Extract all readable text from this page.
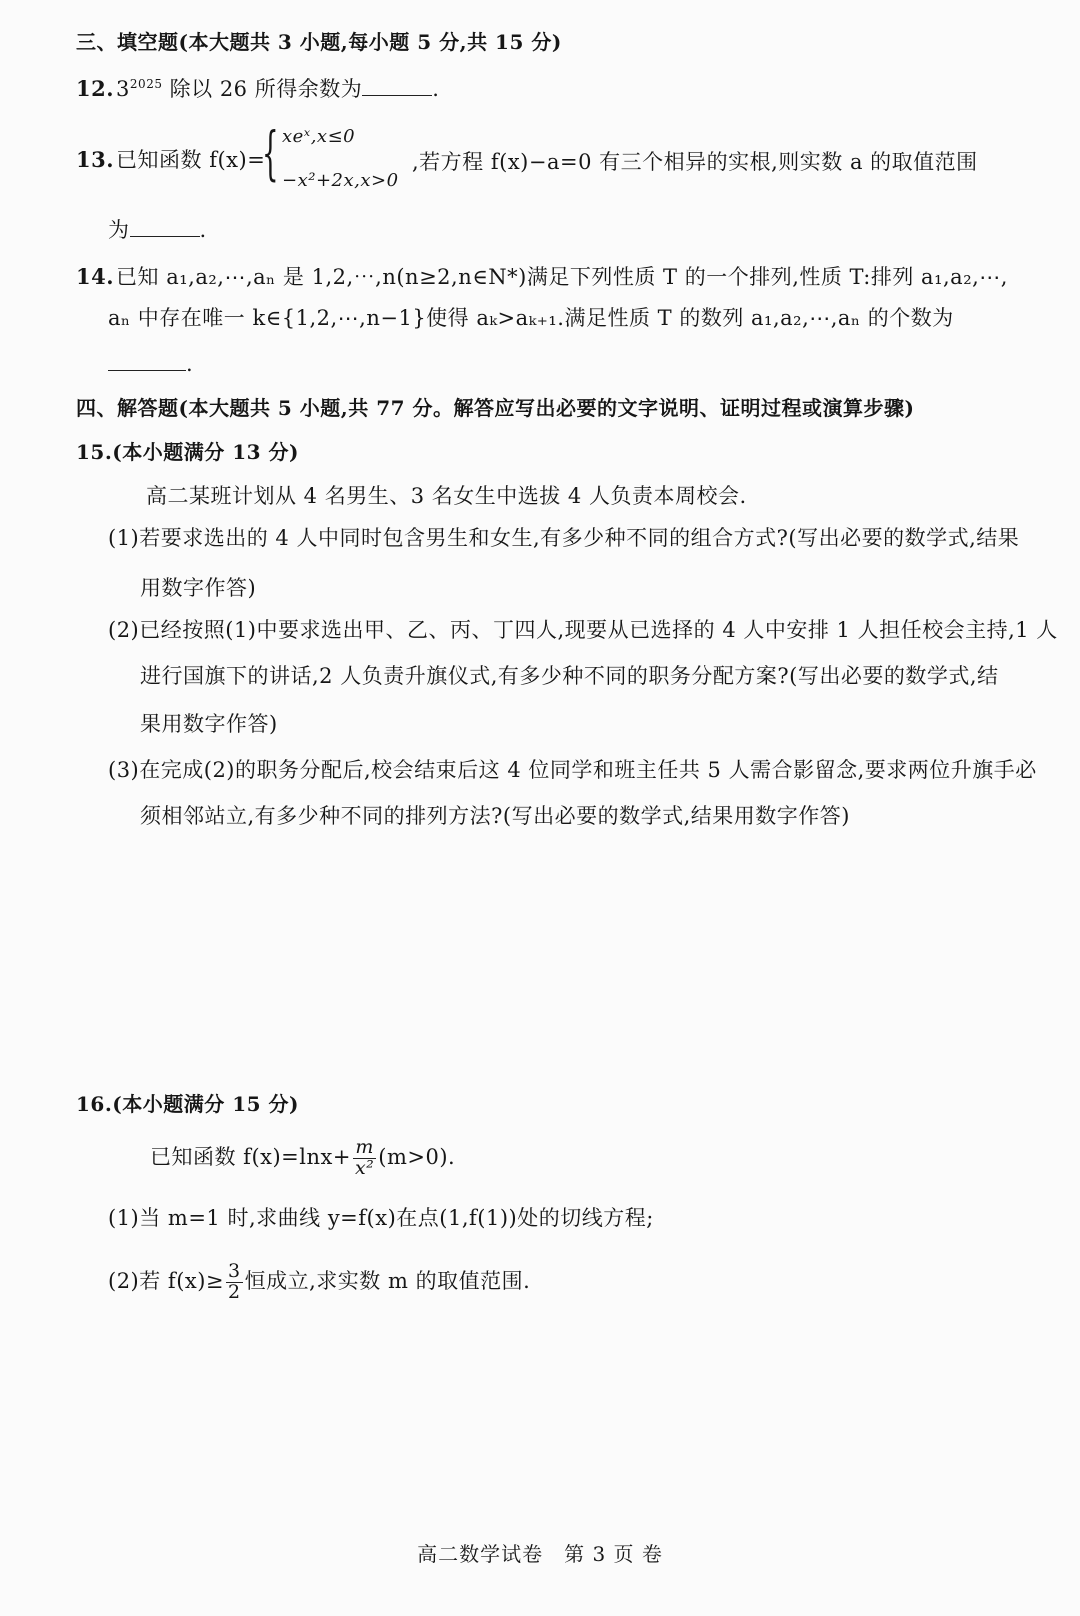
三、填空题(本大题共 3 小题,每小题 5 分,共 15 分)
$12.3^{2025}$ 除以 26 所得余数为	.
13.已知函数 f(x)=
{ xeˣ,x≤0
−x²+2x,x>0
,若方程 f(x)−a=0 有三个相异的实根,则实数 a 的取值范围
为	.
14.已知 a₁,a₂,⋯,aₙ 是 1,2,⋯,n(n≥2,n∈N*)满足下列性质 T 的一个排列,性质 T:排列 a₁,a₂,⋯,
aₙ 中存在唯一 k∈{1,2,⋯,n−1}使得 aₖ>aₖ₊₁.满足性质 T 的数列 a₁,a₂,⋯,aₙ 的个数为
.
四、解答题(本大题共 5 小题,共 77 分。解答应写出必要的文字说明、证明过程或演算步骤)
15.(本小题满分 13 分)
高二某班计划从 4 名男生、3 名女生中选拔 4 人负责本周校会.
(1)若要求选出的 4 人中同时包含男生和女生,有多少种不同的组合方式?(写出必要的数学式,结果
用数字作答)
(2)已经按照(1)中要求选出甲、乙、丙、丁四人,现要从已选择的 4 人中安排 1 人担任校会主持,1 人
进行国旗下的讲话,2 人负责升旗仪式,有多少种不同的职务分配方案?(写出必要的数学式,结
果用数字作答)
(3)在完成(2)的职务分配后,校会结束后这 4 位同学和班主任共 5 人需合影留念,要求两位升旗手必
须相邻站立,有多少种不同的排列方法?(写出必要的数学式,结果用数字作答)
16.(本小题满分 15 分)
已知函数 $f(x)=\ln x+ \frac{m}{\text{x²}} (m>0)$.
(1)当 m=1 时,求曲线 y=f(x)在点(1,f(1))处的切线方程;
(2)若 $f(x)\ge \frac{3}{2}$ 恒成立,求实数 m 的取值范围.
高二数学试卷　第 3 页 卷
